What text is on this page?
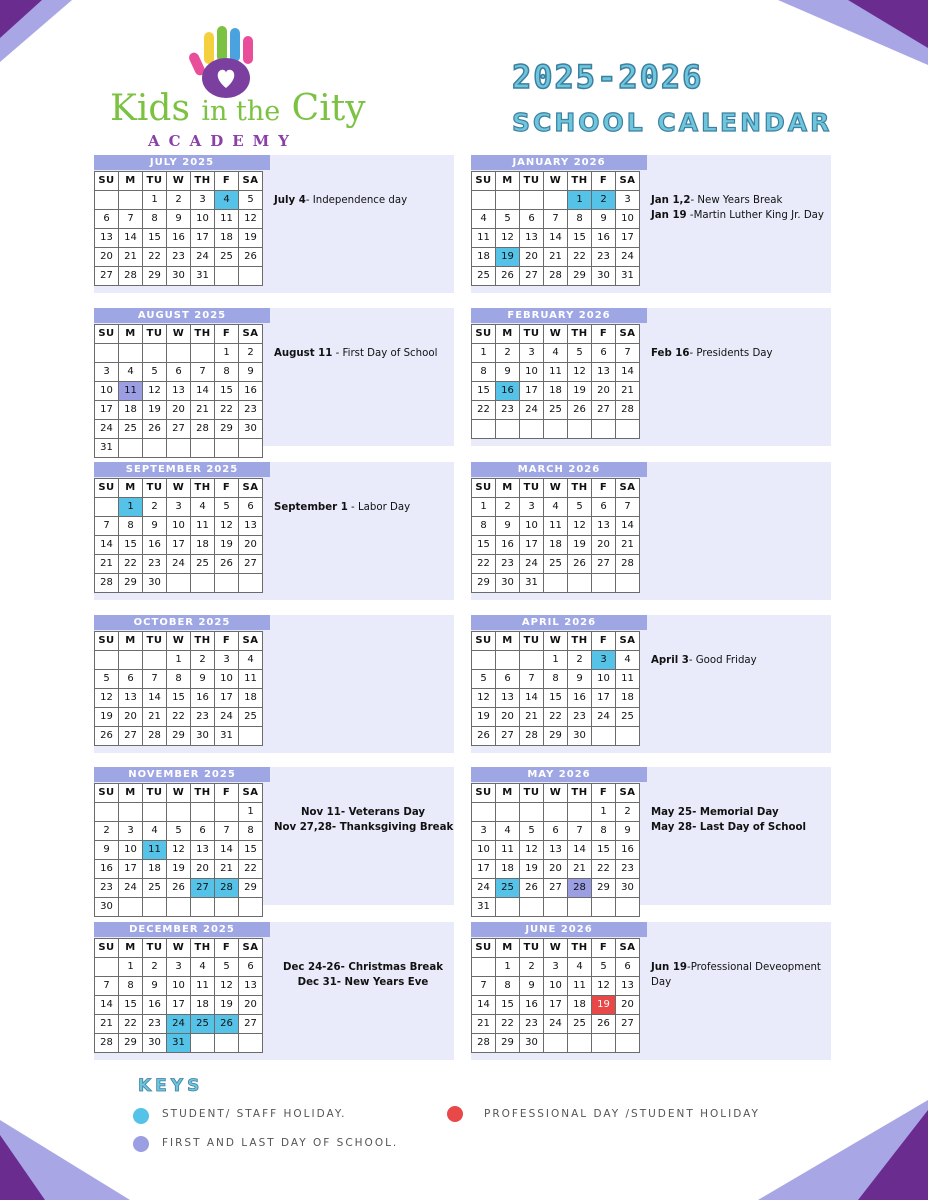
Kids in the City
ACADEMY
2025-2026
SCHOOL CALENDAR
JULY 2025
SU	M	TU	W	TH	F	SA
		1	2	3	4	5
6	7	8	9	10	11	12
13	14	15	16	17	18	19
20	21	22	23	24	25	26
27	28	29	30	31		
July 4- Independence day
JANUARY 2026
SU	M	TU	W	TH	F	SA
				1	2	3
4	5	6	7	8	9	10
11	12	13	14	15	16	17
18	19	20	21	22	23	24
25	26	27	28	29	30	31
Jan 1,2- New Years Break
Jan 19 -Martin Luther King Jr. Day
AUGUST 2025
SU	M	TU	W	TH	F	SA
					1	2
3	4	5	6	7	8	9
10	11	12	13	14	15	16
17	18	19	20	21	22	23
24	25	26	27	28	29	30
31						
August 11 - First Day of School
FEBRUARY 2026
SU	M	TU	W	TH	F	SA
1	2	3	4	5	6	7
8	9	10	11	12	13	14
15	16	17	18	19	20	21
22	23	24	25	26	27	28

Feb 16- Presidents Day
SEPTEMBER 2025
SU	M	TU	W	TH	F	SA
	1	2	3	4	5	6
7	8	9	10	11	12	13
14	15	16	17	18	19	20
21	22	23	24	25	26	27
28	29	30				
September 1 - Labor Day
MARCH 2026
SU	M	TU	W	TH	F	SA
1	2	3	4	5	6	7
8	9	10	11	12	13	14
15	16	17	18	19	20	21
22	23	24	25	26	27	28
29	30	31				
OCTOBER 2025
SU	M	TU	W	TH	F	SA
			1	2	3	4
5	6	7	8	9	10	11
12	13	14	15	16	17	18
19	20	21	22	23	24	25
26	27	28	29	30	31	
APRIL 2026
SU	M	TU	W	TH	F	SA
			1	2	3	4
5	6	7	8	9	10	11
12	13	14	15	16	17	18
19	20	21	22	23	24	25
26	27	28	29	30		
April 3- Good Friday
NOVEMBER 2025
SU	M	TU	W	TH	F	SA
						1
2	3	4	5	6	7	8
9	10	11	12	13	14	15
16	17	18	19	20	21	22
23	24	25	26	27	28	29
30						
Nov 11- Veterans Day
Nov 27,28- Thanksgiving Break
MAY 2026
SU	M	TU	W	TH	F	SA
					1	2
3	4	5	6	7	8	9
10	11	12	13	14	15	16
17	18	19	20	21	22	23
24	25	26	27	28	29	30
31						
May 25- Memorial Day
May 28- Last Day of School
DECEMBER 2025
SU	M	TU	W	TH	F	SA
	1	2	3	4	5	6
7	8	9	10	11	12	13
14	15	16	17	18	19	20
21	22	23	24	25	26	27
28	29	30	31			
Dec 24-26- Christmas Break
Dec 31- New Years Eve
JUNE 2026
SU	M	TU	W	TH	F	SA
	1	2	3	4	5	6
7	8	9	10	11	12	13
14	15	16	17	18	19	20
21	22	23	24	25	26	27
28	29	30				
Jun 19-Professional Deveopment
Day
KEYS
STUDENT/ STAFF HOLIDAY.	PROFESSIONAL DAY /STUDENT HOLIDAY
FIRST AND LAST DAY OF SCHOOL.
